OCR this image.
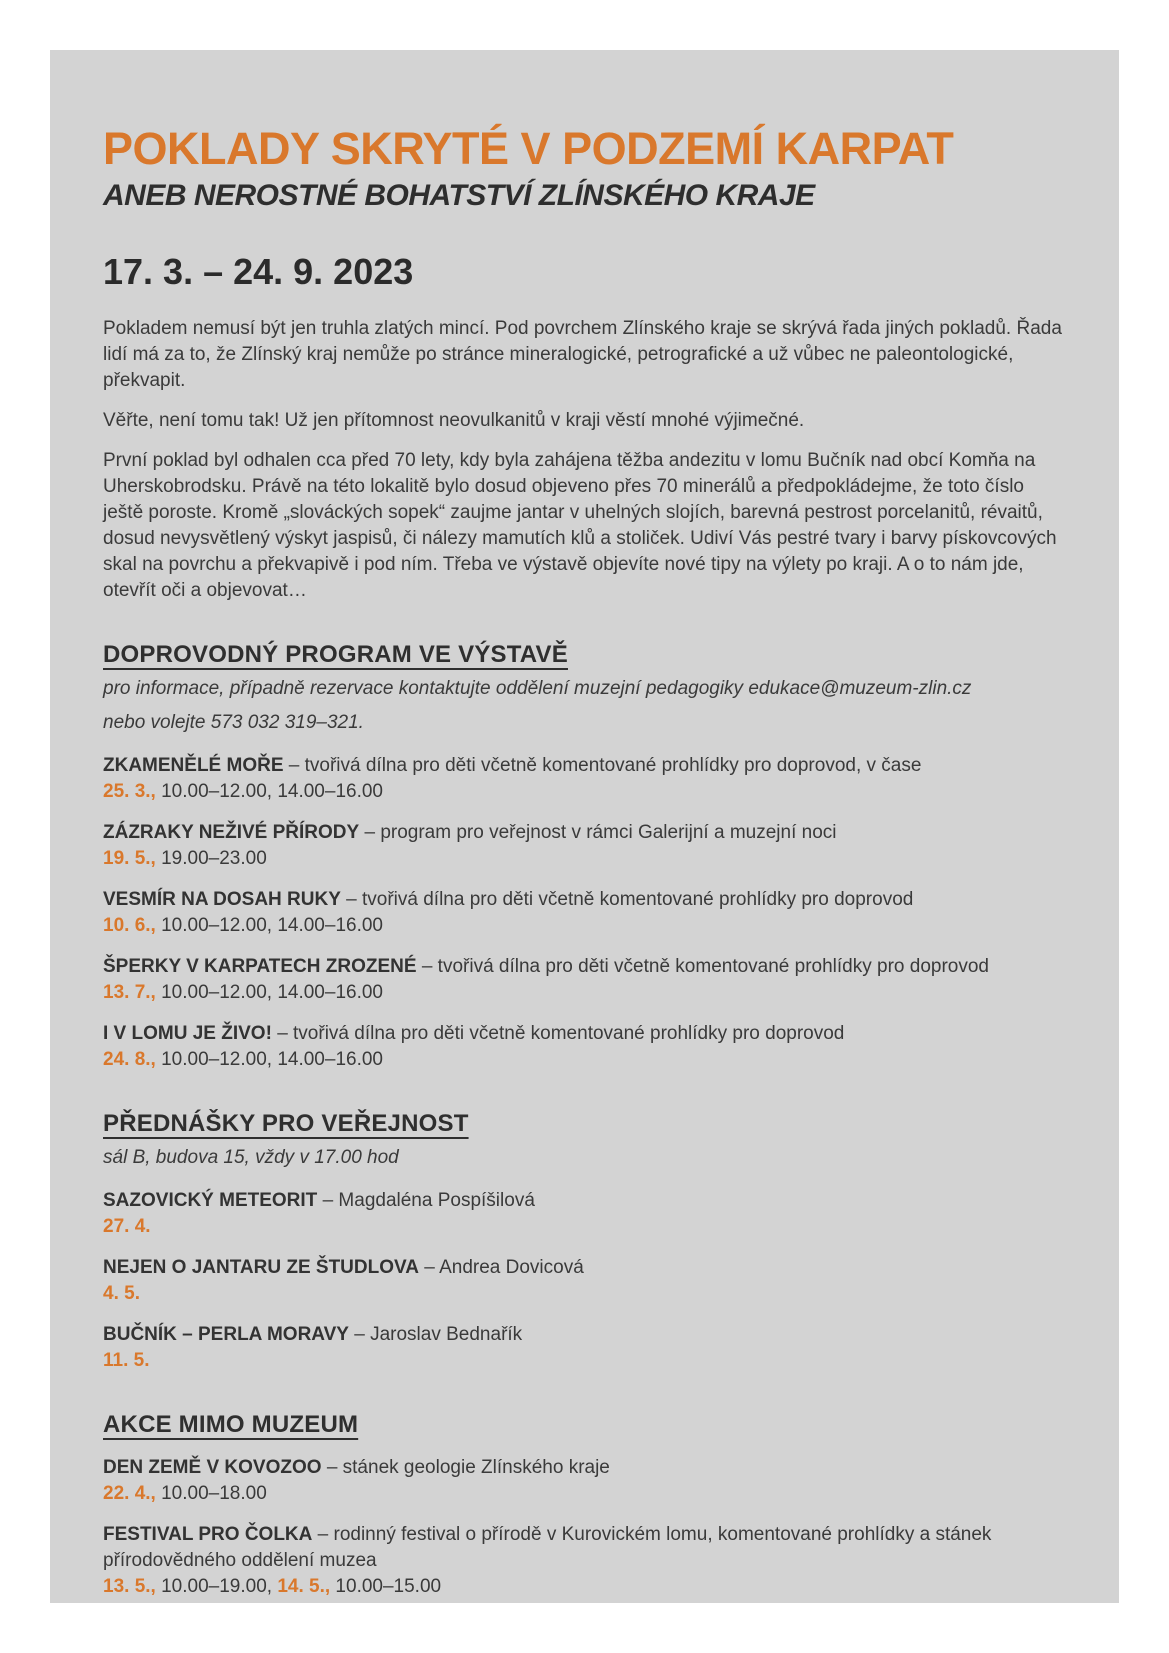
POKLADY SKRYTÉ V PODZEMÍ KARPAT
ANEB NEROSTNÉ BOHATSTVÍ ZLÍNSKÉHO KRAJE
17. 3. – 24. 9. 2023

Pokladem nemusí být jen truhla zlatých mincí. Pod povrchem Zlínského kraje se skrývá řada jiných pokladů. Řada lidí má za to, že Zlínský kraj nemůže po stránce mineralogické, petrografické a už vůbec ne paleontologické, překvapit.

Věřte, není tomu tak! Už jen přítomnost neovulkanitů v kraji věstí mnohé výjimečné.

První poklad byl odhalen cca před 70 lety, kdy byla zahájena těžba andezitu v lomu Bučník nad obcí Komňa na Uherskobrodsku. Právě na této lokalitě bylo dosud objeveno přes 70 minerálů a předpokládejme, že toto číslo ještě poroste. Kromě „slováckých sopek“ zaujme jantar v uhelných slojích, barevná pestrost porcelanitů, révaitů, dosud nevysvětlený výskyt jaspisů, či nálezy mamutích klů a stoliček. Udiví Vás pestré tvary i barvy pískovcových skal na povrchu a překvapivě i pod ním. Třeba ve výstavě objevíte nové tipy na výlety po kraji. A o to nám jde, otevřít oči a objevovat…

DOPROVODNÝ PROGRAM VE VÝSTAVĚ
pro informace, případně rezervace kontaktujte oddělení muzejní pedagogiky edukace@muzeum-zlin.cz
nebo volejte 573 032 319–321.
ZKAMENĚLÉ MOŘE – tvořivá dílna pro děti včetně komentované prohlídky pro doprovod, v čase
25. 3., 10.00–12.00, 14.00–16.00
ZÁZRAKY NEŽIVÉ PŘÍRODY – program pro veřejnost v rámci Galerijní a muzejní noci
19. 5., 19.00–23.00
VESMÍR NA DOSAH RUKY – tvořivá dílna pro děti včetně komentované prohlídky pro doprovod
10. 6., 10.00–12.00, 14.00–16.00
ŠPERKY V KARPATECH ZROZENÉ – tvořivá dílna pro děti včetně komentované prohlídky pro doprovod
13. 7., 10.00–12.00, 14.00–16.00
I V LOMU JE ŽIVO! – tvořivá dílna pro děti včetně komentované prohlídky pro doprovod
24. 8., 10.00–12.00, 14.00–16.00
PŘEDNÁŠKY PRO VEŘEJNOST
sál B, budova 15, vždy v 17.00 hod
SAZOVICKÝ METEORIT – Magdaléna Pospíšilová
27. 4.
NEJEN O JANTARU ZE ŠTUDLOVA – Andrea Dovicová
4. 5.
BUČNÍK – PERLA MORAVY – Jaroslav Bednařík
11. 5.
AKCE MIMO MUZEUM
DEN ZEMĚ V KOVOZOO – stánek geologie Zlínského kraje
22. 4., 10.00–18.00
FESTIVAL PRO ČOLKA – rodinný festival o přírodě v Kurovickém lomu, komentované prohlídky a stánek přírodovědného oddělení muzea
13. 5., 10.00–19.00, 14. 5., 10.00–15.00
